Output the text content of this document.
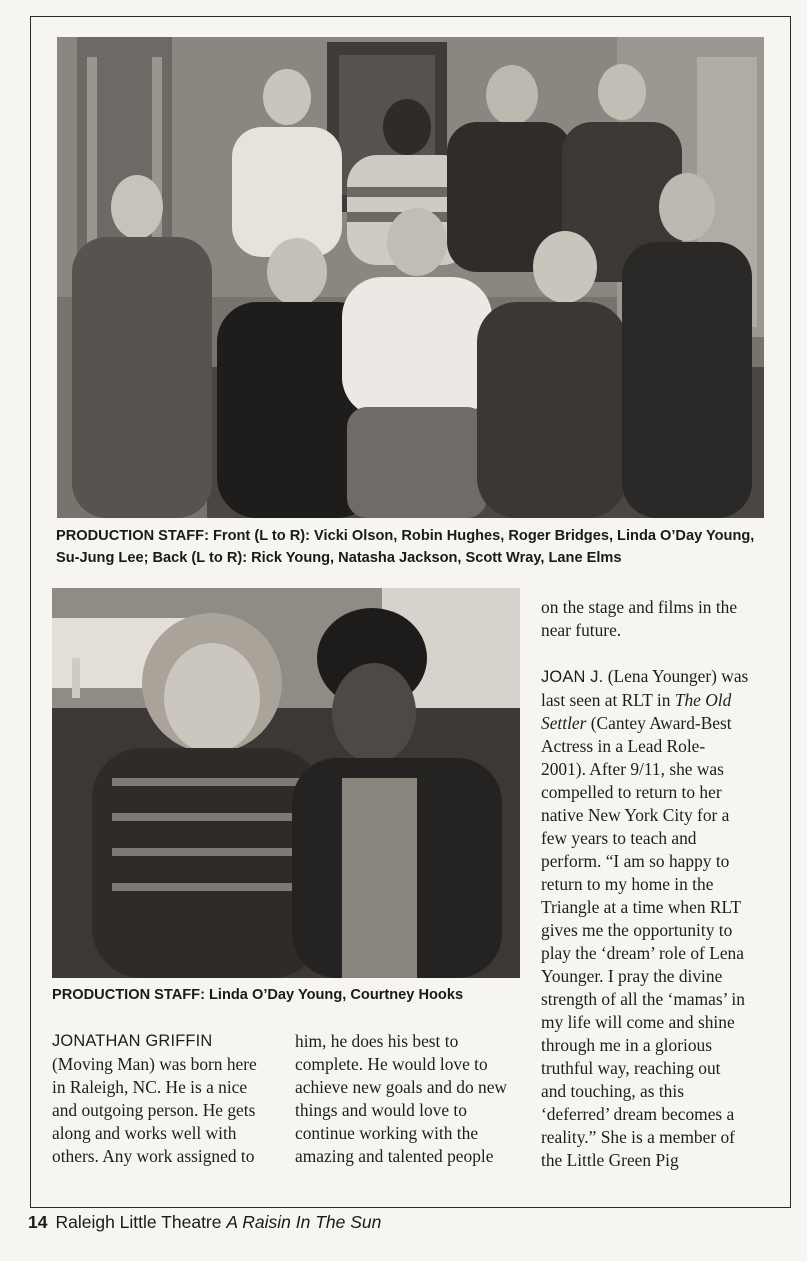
PRODUCTION STAFF: Front (L to R): Vicki Olson, Robin Hughes, Roger Bridges, Linda O’Day Young, Su-Jung Lee; Back (L to R): Rick Young, Natasha Jackson, Scott Wray, Lane Elms
PRODUCTION STAFF: Linda O’Day Young, Courtney Hooks
on the stage and films in the
near future.
JOAN J. (Lena Younger) was
last seen at RLT in The Old
Settler (Cantey Award-Best
Actress in a Lead Role-
2001). After 9/11, she was
compelled to return to her
native New York City for a
few years to teach and
perform. “I am so happy to
return to my home in the
Triangle at a time when RLT
gives me the opportunity to
play the ‘dream’ role of Lena
Younger. I pray the divine
strength of all the ‘mamas’ in
my life will come and shine
through me in a glorious
truthful way, reaching out
and touching, as this
‘deferred’ dream becomes a
reality.” She is a member of
the Little Green Pig
JONATHAN GRIFFIN
(Moving Man) was born here
in Raleigh, NC. He is a nice
and outgoing person. He gets
along and works well with
others. Any work assigned to
him, he does his best to
complete. He would love to
achieve new goals and do new
things and would love to
continue working with the
amazing and talented people
14 Raleigh Little Theatre A Raisin In The Sun
